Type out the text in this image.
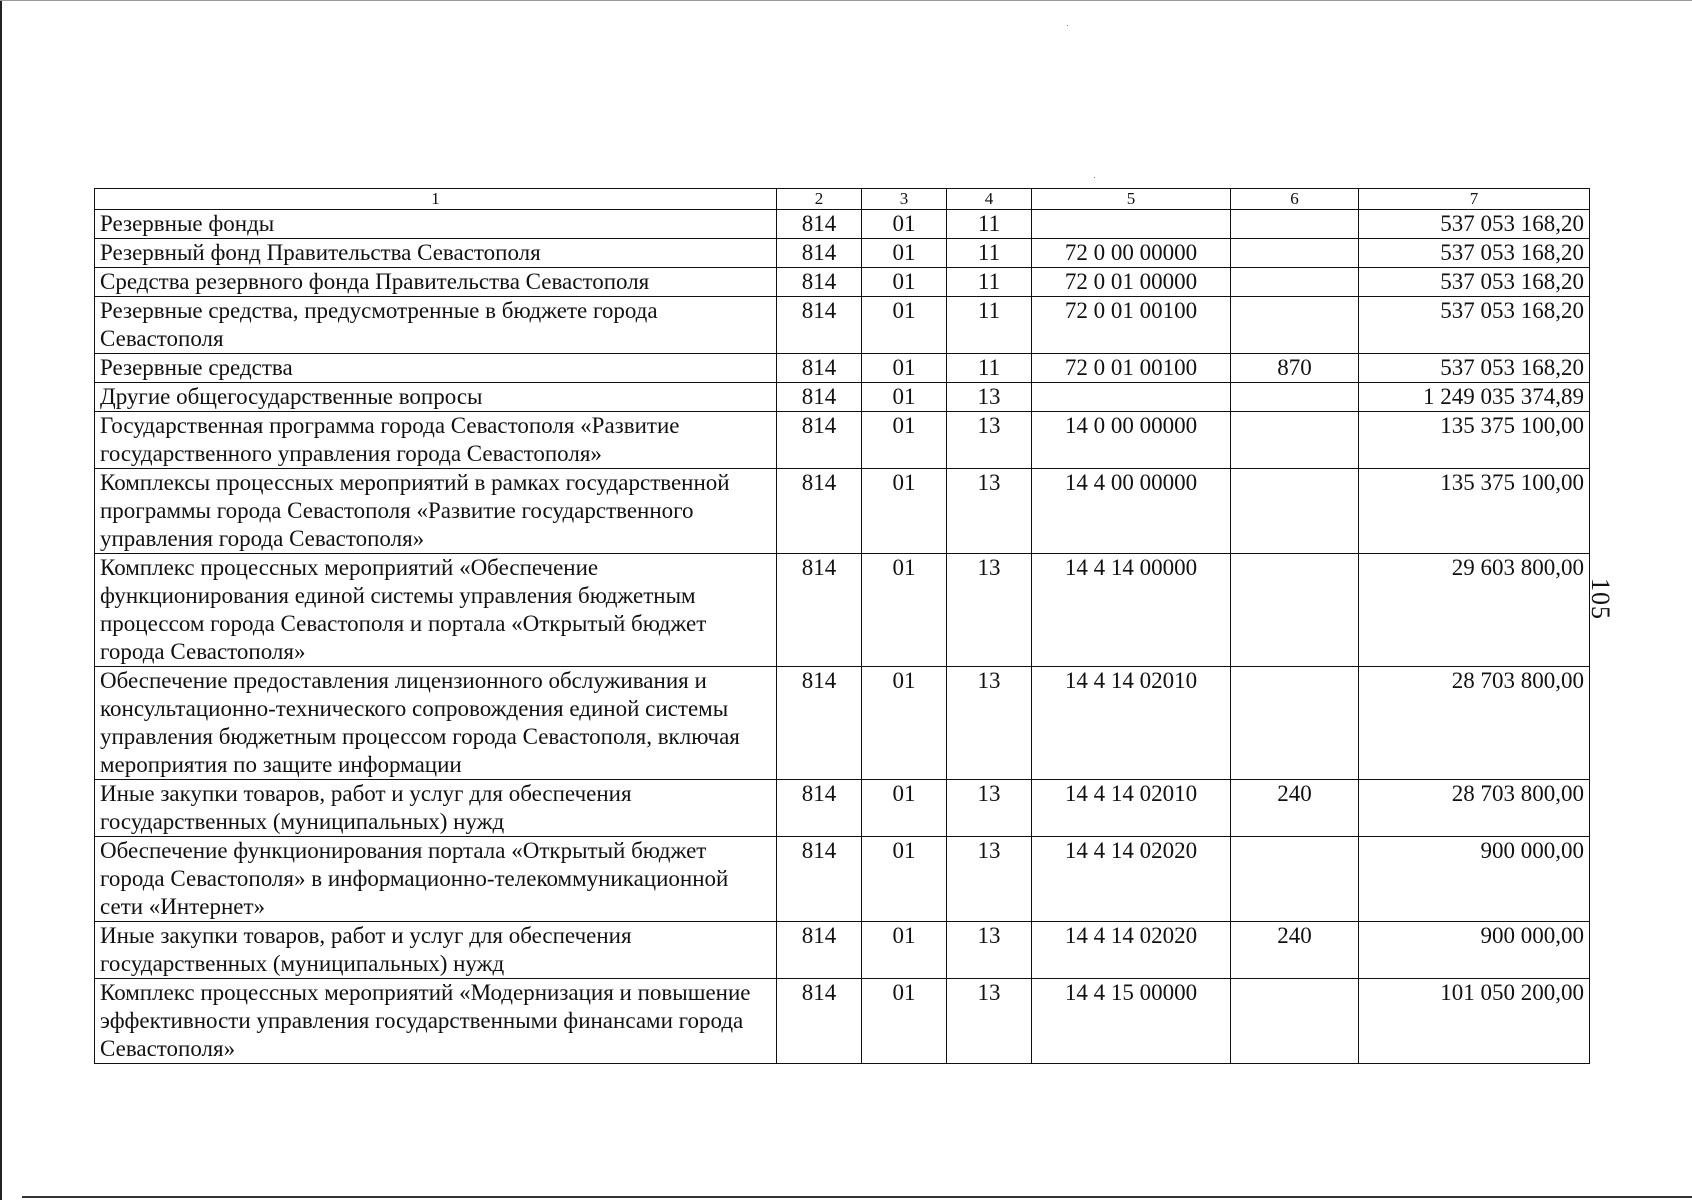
1	2	3	4	5	6	7
Резервные фонды	814	01	11			537 053 168,20
Резервный фонд Правительства Севастополя	814	01	11	72 0 00 00000		537 053 168,20
Средства резервного фонда Правительства Севастополя	814	01	11	72 0 01 00000		537 053 168,20
Резервные средства, предусмотренные в бюджете города Севастополя	814	01	11	72 0 01 00100		537 053 168,20
Резервные средства	814	01	11	72 0 01 00100	870	537 053 168,20
Другие общегосударственные вопросы	814	01	13			1 249 035 374,89
Государственная программа города Севастополя «Развитие государственного управления города Севастополя»	814	01	13	14 0 00 00000		135 375 100,00
Комплексы процессных мероприятий в рамках государственной программы города Севастополя «Развитие государственного управления города Севастополя»	814	01	13	14 4 00 00000		135 375 100,00
Комплекс процессных мероприятий «Обеспечение функционирования единой системы управления бюджетным процессом города Севастополя и портала «Открытый бюджет города Севастополя»	814	01	13	14 4 14 00000		29 603 800,00
Обеспечение предоставления лицензионного обслуживания и консультационно-технического сопровождения единой системы управления бюджетным процессом города Севастополя, включая мероприятия по защите информации	814	01	13	14 4 14 02010		28 703 800,00
Иные закупки товаров, работ и услуг для обеспечения государственных (муниципальных) нужд	814	01	13	14 4 14 02010	240	28 703 800,00
Обеспечение функционирования портала «Открытый бюджет города Севастополя» в информационно-телекоммуникационной сети «Интернет»	814	01	13	14 4 14 02020		900 000,00
Иные закупки товаров, работ и услуг для обеспечения государственных (муниципальных) нужд	814	01	13	14 4 14 02020	240	900 000,00
Комплекс процессных мероприятий «Модернизация и повышение эффективности управления государственными финансами города Севастополя»	814	01	13	14 4 15 00000		101 050 200,00
105
